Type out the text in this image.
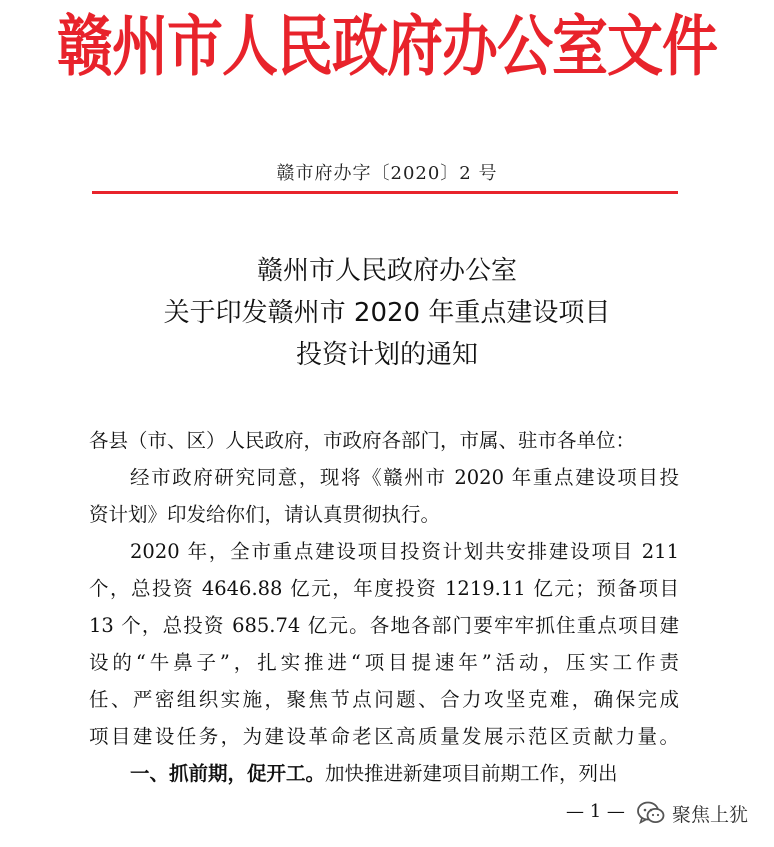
赣州市人民政府办公室文件
赣市府办字〔2020〕2 号
赣州市人民政府办公室
关于印发赣州市 2020 年重点建设项目
投资计划的通知
各县（市、区）人民政府，市政府各部门，市属、驻市各单位：
经市政府研究同意，现将《赣州市 2020 年重点建设项目投
资计划》印发给你们，请认真贯彻执行。
2020 年，全市重点建设项目投资计划共安排建设项目 211
个，总投资 4646.88 亿元，年度投资 1219.11 亿元；预备项目
13 个，总投资 685.74 亿元。各地各部门要牢牢抓住重点项目建
设的“牛鼻子”，扎实推进“项目提速年”活动，压实工作责
任、严密组织实施，聚焦节点问题、合力攻坚克难，确保完成
项目建设任务，为建设革命老区高质量发展示范区贡献力量。
一、抓前期，促开工。加快推进新建项目前期工作，列出
— 1 — 聚焦上犹
